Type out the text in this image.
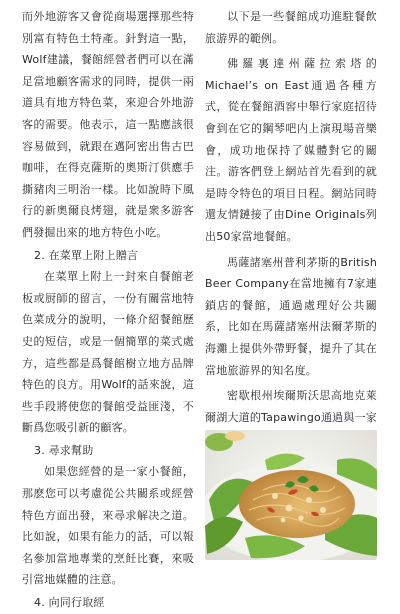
而外地游客又會從商場選擇那些特別富有特色土特產。針對這一點，Wolf建議，餐館經營者們可以在滿足當地顧客需求的同時，提供一兩道具有地方特色菜，來迎合外地游客的需要。他表示，這一點應該很容易做到，就跟在邁阿密出售古巴咖啡，在得克薩斯的奧斯汀供應手撕豬肉三明治一樣。比如說時下風行的新奧爾良烤翅，就是衆多游客們發掘出來的地方特色小吃。

2. 在菜單上附上贈言

在菜單上附上一封來自餐館老板或厨師的留言，一份有關當地特色菜成分的說明，一條介紹餐館歷史的短信，或是一個簡單的菜式處方，這些都是爲餐館樹立地方品牌特色的良方。用Wolf的話來說，這些手段將使您的餐館受益匪淺，不斷爲您吸引新的顧客。

3. 尋求幫助

如果您經營的是一家小餐館，那麽您可以考慮從公共關系或經營特色方面出發，來尋求解决之道。比如說，如果有能力的話，可以報名參加當地專業的烹飪比賽，來吸引當地媒體的注意。

4. 向同行取經

以下是一些餐館成功進駐餐飲旅游界的範例。

佛羅裏達州薩拉索塔的Michael’s on East通過各種方式，從在餐館酒窖中舉行家庭招待會到在它的鋼琴吧内上演現場音樂會，成功地保持了媒體對它的關注。游客們登上網站首先看到的就是時令特色的項目日程。網站同時還友情鏈接了由Dine Originals列出50家當地餐館。

馬薩諸塞州普利茅斯的British Beer Company在當地擁有7家連鎖店的餐館，通過處理好公共關系，比如在馬薩諸塞州法爾茅斯的海灘上提供外帶野餐，提升了其在當地旅游界的知名度。

密歇根州埃爾斯沃思高地克萊爾湖大道的Tapawingo通過與一家
